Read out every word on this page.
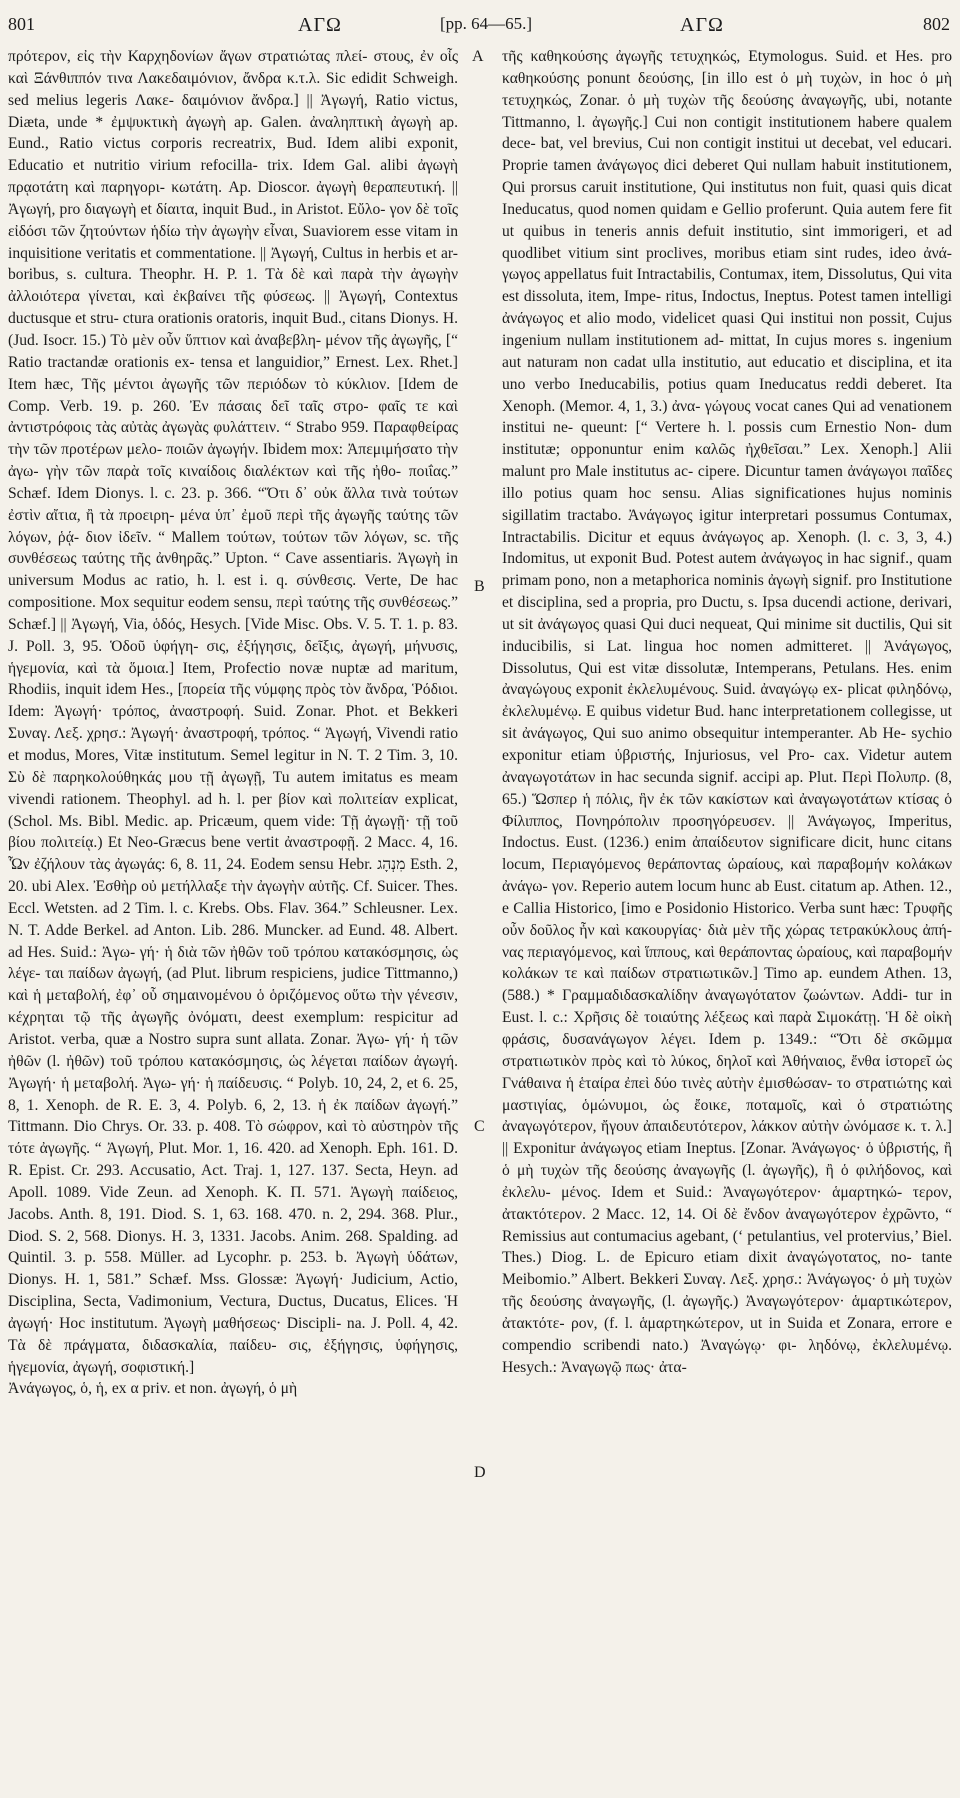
801	ΑΓΩ	[pp. 64—65.]	ΑΓΩ	802

πρότερον, εἰς τὴν Καρχηδονίων ἄγων στρατιώτας πλεί- στους, ἐν οἷς καὶ Ξάνθιππόν τινα Λακεδαιμόνιον, ἄνδρα κ.τ.λ. Sic edidit Schweigh. sed melius legeris Λακε- δαιμόνιον ἄνδρα.] || Ἀγωγή, Ratio victus, Diæta, unde * ἐμψυκτικὴ ἀγωγὴ ap. Galen. ἀναληπτικὴ ἀγωγὴ ap. Eund., Ratio victus corporis recreatrix, Bud. Idem alibi exponit, Educatio et nutritio virium refocilla- trix. Idem Gal. alibi ἀγωγὴ πρᾳοτάτη καὶ παρηγορι- κωτάτη. Ap. Dioscor. ἀγωγὴ θεραπευτική. || Ἀγωγή, pro διαγωγὴ et δίαιτα, inquit Bud., in Aristot. Εὔλο- γον δὲ τοῖς εἰδόσι τῶν ζητούντων ἡδίω τὴν ἀγωγὴν εἶναι, Suaviorem esse vitam in inquisitione veritatis et commentatione. || Ἀγωγή, Cultus in herbis et ar- boribus, s. cultura. Theophr. H. P. 1. Τὰ δὲ καὶ παρὰ τὴν ἀγωγὴν ἀλλοιότερα γίνεται, καὶ ἐκβαίνει τῆς φύσεως. || Ἀγωγή, Contextus ductusque et stru- ctura orationis oratoris, inquit Bud., citans Dionys. H. (Jud. Isocr. 15.) Τὸ μὲν οὖν ὕπτιον καὶ ἀναβεβλη- μένον τῆς ἀγωγῆς, [“ Ratio tractandæ orationis ex- tensa et languidior,” Ernest. Lex. Rhet.] Item hæc, Τῆς μέντοι ἀγωγῆς τῶν περιόδων τὸ κύκλιον. [Idem de Comp. Verb. 19. p. 260. Ἐν πάσαις δεῖ ταῖς στρο- φαῖς τε καὶ ἀντιστρόφοις τὰς αὐτὰς ἀγωγὰς φυλάττειν. “ Strabo 959. Παραφθείρας τὴν τῶν προτέρων μελο- ποιῶν ἀγωγήν. Ibidem mox: Ἀπεμιμήσατο τὴν ἀγω- γὴν τῶν παρὰ τοῖς κιναίδοις διαλέκτων καὶ τῆς ἠθο- ποιΐας.” Schæf. Idem Dionys. l. c. 23. p. 366. “Ὅτι δ᾽ οὐκ ἄλλα τινὰ τούτων ἐστὶν αἴτια, ἢ τὰ προειρη- μένα ὑπ᾽ ἐμοῦ περὶ τῆς ἀγωγῆς ταύτης τῶν λόγων, ῥᾴ- διον ἰδεῖν. “ Mallem τούτων, τούτων τῶν λόγων, sc. τῆς συνθέσεως ταύτης τῆς ἀνθηρᾶς.” Upton. “ Cave assentiaris. Ἀγωγὴ in universum Modus ac ratio, h. l. est i. q. σύνθεσις. Verte, De hac compositione. Mox sequitur eodem sensu, περὶ ταύτης τῆς συνθέσεως.” Schæf.] || Ἀγωγή, Via, ὁδός, Hesych. [Vide Misc. Obs. V. 5. T. 1. p. 83. J. Poll. 3, 95. Ὁδοῦ ὑφήγη- σις, ἐξήγησις, δεῖξις, ἀγωγή, μήνυσις, ἡγεμονία, καὶ τὰ ὅμοια.] Item, Profectio novæ nuptæ ad maritum, Rhodiis, inquit idem Hes., [πορεία τῆς νύμφης πρὸς τὸν ἄνδρα, Ῥόδιοι. Idem: Ἀγωγή· τρόπος, ἀναστροφή. Suid. Zonar. Phot. et Bekkeri Συναγ. Λεξ. χρησ.: Ἀγωγή· ἀναστροφή, τρόπος. “ Ἀγωγή, Vivendi ratio et modus, Mores, Vitæ institutum. Semel legitur in N. T. 2 Tim. 3, 10. Σὺ δὲ παρηκολούθηκάς μου τῇ ἀγωγῇ, Tu autem imitatus es meam vivendi rationem. Theophyl. ad h. l. per βίον καὶ πολιτείαν explicat, (Schol. Ms. Bibl. Medic. ap. Pricæum, quem vide: Τῇ ἀγωγῇ· τῇ τοῦ βίου πολιτείᾳ.) Et Neo-Græcus bene vertit ἀναστροφῇ. 2 Macc. 4, 16. Ὧν ἐζήλουν τὰς ἀγωγάς: 6, 8. 11, 24. Eodem sensu Hebr. מִנְהָג Esth. 2, 20. ubi Alex. Ἐσθὴρ οὐ μετήλλαξε τὴν ἀγωγὴν αὐτῆς. Cf. Suicer. Thes. Eccl. Wetsten. ad 2 Tim. l. c. Krebs. Obs. Flav. 364.” Schleusner. Lex. N. T. Adde Berkel. ad Anton. Lib. 286. Muncker. ad Eund. 48. Albert. ad Hes. Suid.: Ἀγω- γή· ἡ διὰ τῶν ἠθῶν τοῦ τρόπου κατακόσμησις, ὡς λέγε- ται παίδων ἀγωγή, (ad Plut. librum respiciens, judice Tittmanno,) καὶ ἡ μεταβολή, ἐφ᾽ οὗ σημαινομένου ὁ ὁριζόμενος οὕτω τὴν γένεσιν, κέχρηται τῷ τῆς ἀγωγῆς ὀνόματι, deest exemplum: respicitur ad Aristot. verba, quæ a Nostro supra sunt allata. Zonar. Ἀγω- γή· ἡ τῶν ἠθῶν (l. ἠθῶν) τοῦ τρόπου κατακόσμησις, ὡς λέγεται παίδων ἀγωγή. Ἀγωγή· ἡ μεταβολή. Ἀγω- γή· ἡ παίδευσις. “ Polyb. 10, 24, 2, et 6. 25, 8, 1. Xenoph. de R. E. 3, 4. Polyb. 6, 2, 13. ἡ ἐκ παίδων ἀγωγή.” Tittmann. Dio Chrys. Or. 33. p. 408. Τὸ σώφρον, καὶ τὸ αὐστηρὸν τῆς τότε ἀγωγῆς. “ Ἀγωγή, Plut. Mor. 1, 16. 420. ad Xenoph. Eph. 161. D. R. Epist. Cr. 293. Accusatio, Act. Traj. 1, 127. 137. Secta, Heyn. ad Apoll. 1089. Vide Zeun. ad Xenoph. K. Π. 571. Ἀγωγὴ παίδειος, Jacobs. Anth. 8, 191. Diod. S. 1, 63. 168. 470. n. 2, 294. 368. Plur., Diod. S. 2, 568. Dionys. H. 3, 1331. Jacobs. Anim. 268. Spalding. ad Quintil. 3. p. 558. Müller. ad Lycophr. p. 253. b. Ἀγωγὴ ὑδάτων, Dionys. H. 1, 581.” Schæf. Mss. Glossæ: Ἀγωγή· Judicium, Actio, Disciplina, Secta, Vadimonium, Vectura, Ductus, Ducatus, Elices. Ἡ ἀγωγή· Hoc institutum. Ἀγωγὴ μαθήσεως· Discipli- na. J. Poll. 4, 42. Τὰ δὲ πράγματα, διδασκαλία, παίδευ- σις, ἐξήγησις, ὑφήγησις, ἡγεμονία, ἀγωγή, σοφιστική.]

Ἀνάγωγος, ὁ, ἡ, ex α priv. et non. ἀγωγή, ὁ μὴ

A
B
C
D

τῆς καθηκούσης ἀγωγῆς τετυχηκώς, Etymologus. Suid. et Hes. pro καθηκούσης ponunt δεούσης, [in illo est ὁ μὴ τυχὼν, in hoc ὁ μὴ τετυχηκώς, Zonar. ὁ μὴ τυχὼν τῆς δεούσης ἀναγωγῆς, ubi, notante Tittmanno, l. ἀγωγῆς.] Cui non contigit institutionem habere qualem dece- bat, vel brevius, Cui non contigit institui ut decebat, vel educari. Proprie tamen ἀνάγωγος dici deberet Qui nullam habuit institutionem, Qui prorsus caruit institutione, Qui institutus non fuit, quasi quis dicat Ineducatus, quod nomen quidam e Gellio proferunt. Quia autem fere fit ut quibus in teneris annis defuit institutio, sint immorigeri, et ad quodlibet vitium sint proclives, moribus etiam sint rudes, ideo ἀνά- γωγος appellatus fuit Intractabilis, Contumax, item, Dissolutus, Qui vita est dissoluta, item, Impe- ritus, Indoctus, Ineptus. Potest tamen intelligi ἀνάγωγος et alio modo, videlicet quasi Qui institui non possit, Cujus ingenium nullam institutionem ad- mittat, In cujus mores s. ingenium aut naturam non cadat ulla institutio, aut educatio et disciplina, et ita uno verbo Ineducabilis, potius quam Ineducatus reddi deberet. Ita Xenoph. (Memor. 4, 1, 3.) ἀνα- γώγους vocat canes Qui ad venationem institui ne- queunt: [“ Vertere h. l. possis cum Ernestio Non- dum institutæ; opponuntur enim καλῶς ἠχθεῖσαι.” Lex. Xenoph.] Alii malunt pro Male institutus ac- cipere. Dicuntur tamen ἀνάγωγοι παῖδες illo potius quam hoc sensu. Alias significationes hujus nominis sigillatim tractabo. Ἀνάγωγος igitur interpretari possumus Contumax, Intractabilis. Dicitur et equus ἀνάγωγος ap. Xenoph. (l. c. 3, 3, 4.) Indomitus, ut exponit Bud. Potest autem ἀνάγωγος in hac signif., quam primam pono, non a metaphorica nominis ἀγωγὴ signif. pro Institutione et disciplina, sed a propria, pro Ductu, s. Ipsa ducendi actione, derivari, ut sit ἀνάγωγος quasi Qui duci nequeat, Qui minime sit ductilis, Qui sit inducibilis, si Lat. lingua hoc nomen admitteret. || Ἀνάγωγος, Dissolutus, Qui est vitæ dissolutæ, Intemperans, Petulans. Hes. enim ἀναγώγους exponit ἐκλελυμένους. Suid. ἀναγώγῳ ex- plicat φιληδόνῳ, ἐκλελυμένῳ. E quibus videtur Bud. hanc interpretationem collegisse, ut sit ἀνάγωγος, Qui suo animo obsequitur intemperanter. Ab He- sychio exponitur etiam ὑβριστής, Injuriosus, vel Pro- cax. Videtur autem ἀναγωγοτάτων in hac secunda signif. accipi ap. Plut. Περὶ Πολυπρ. (8, 65.) Ὥσπερ ἡ πόλις, ἣν ἐκ τῶν κακίστων καὶ ἀναγωγοτάτων κτίσας ὁ Φίλιππος, Πονηρόπολιν προσηγόρευσεν. || Ἀνάγωγος, Imperitus, Indoctus. Eust. (1236.) enim ἀπαίδευτον significare dicit, hunc citans locum, Περιαγόμενος θεράποντας ὡραίους, καὶ παραβομήν κολάκων ἀνάγω- γον. Reperio autem locum hunc ab Eust. citatum ap. Athen. 12., e Callia Historico, [imo e Posidonio Historico. Verba sunt hæc: Τρυφῆς οὖν δοῦλος ἦν καὶ κακουργίας· διὰ μὲν τῆς χώρας τετρακύκλους ἀπή- νας περιαγόμενος, καὶ ἵππους, καὶ θεράποντας ὡραίους, καὶ παραβομήν κολάκων τε καὶ παίδων στρατιωτικῶν.] Timo ap. eundem Athen. 13, (588.) * Γραμμαδιδασκαλίδην ἀναγωγότατον ζωώντων. Addi- tur in Eust. l. c.: Χρῆσις δὲ τοιαύτης λέξεως καὶ παρὰ Σιμοκάτῃ. Ἡ δὲ οἰκὴ φράσις, δυσανάγωγον λέγει. Idem p. 1349.: “Ὅτι δὲ σκῶμμα στρατιωτικὸν πρὸς καὶ τὸ λύκος, δηλοῖ καὶ Ἀθήναιος, ἔνθα ἱστορεῖ ὡς Γνάθαινα ἡ ἑταίρα ἐπεὶ δύο τινὲς αὐτὴν ἐμισθώσαν- το στρατιώτης καὶ μαστιγίας, ὁμώνυμοι, ὡς ἔοικε, ποταμοῖς, καὶ ὁ στρατιώτης ἀναγωγότερον, ἤγουν ἀπαιδευτότερον, λάκκον αὐτὴν ὠνόμασε κ. τ. λ.] || Exponitur ἀνάγωγος etiam Ineptus. [Zonar. Ἀνάγωγος· ὁ ὑβριστής, ἢ ὁ μὴ τυχὼν τῆς δεούσης ἀναγωγῆς (l. ἀγωγῆς), ἢ ὁ φιλήδονος, καὶ ἐκλελυ- μένος. Idem et Suid.: Ἀναγωγότερον· ἁμαρτηκώ- τερον, ἀτακτότερον. 2 Macc. 12, 14. Οἱ δὲ ἔνδον ἀναγωγότερον ἐχρῶντο, “ Remissius aut contumacius agebant, (‘ petulantius, vel protervius,’ Biel. Thes.) Diog. L. de Epicuro etiam dixit ἀναγώγοτατος, no- tante Meibomio.” Albert. Bekkeri Συναγ. Λεξ. χρησ.: Ἀνάγωγος· ὁ μὴ τυχὼν τῆς δεούσης ἀναγωγῆς, (l. ἀγωγῆς.) Ἀναγωγότερον· ἁμαρτικώτερον, ἀτακτότε- ρον, (f. l. ἁμαρτηκώτερον, ut in Suida et Zonara, errore e compendio scribendi nato.) Ἀναγώγῳ· φι- ληδόνῳ, ἐκλελυμένῳ. Hesych.: Ἀναγωγῷ πως· ἀτα-
